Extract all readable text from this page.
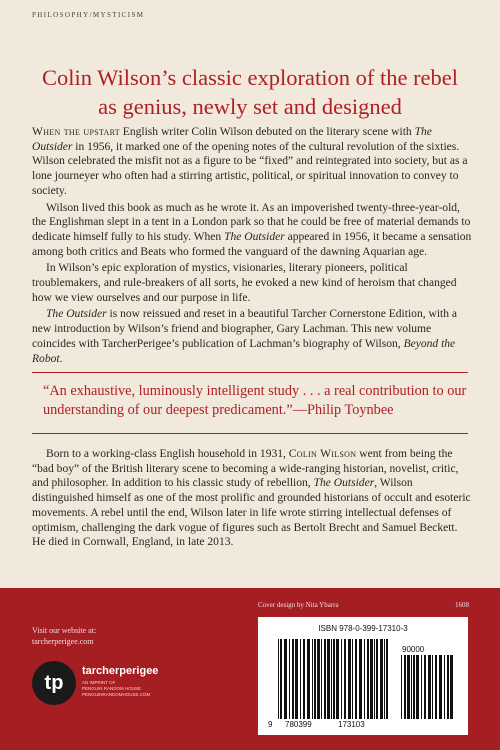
PHILOSOPHY/MYSTICISM
Colin Wilson’s classic exploration of the rebel
as genius, newly set and designed

When the upstart English writer Colin Wilson debuted on the literary scene with The Outsider in 1956, it marked one of the opening notes of the cultural revolution of the sixties. Wilson celebrated the misfit not as a figure to be “fixed” and reintegrated into society, but as a lone journeyer who often had a stirring artistic, political, or spiritual innovation to convey to society.

Wilson lived this book as much as he wrote it. As an impoverished twenty-three-year-old, the Englishman slept in a tent in a London park so that he could be free of material demands to dedicate himself fully to his study. When The Outsider appeared in 1956, it became a sensation among both critics and Beats who formed the vanguard of the dawning Aquarian age.

In Wilson’s epic exploration of mystics, visionaries, literary pioneers, political troublemakers, and rule-breakers of all sorts, he evoked a new kind of heroism that changed how we view ourselves and our purpose in life.

The Outsider is now reissued and reset in a beautiful Tarcher Cornerstone Edition, with a new introduction by Wilson’s friend and biographer, Gary Lachman. This new volume coincides with TarcherPerigee’s publication of Lachman’s biography of Wilson, Beyond the Robot.

“An exhaustive, luminously intelligent study . . . a real contribution to our understanding of our deepest predicament.”—Philip Toynbee

Born to a working-class English household in 1931, Colin Wilson went from being the “bad boy” of the British literary scene to becoming a wide-ranging historian, novelist, critic, and philosopher. In addition to his classic study of rebellion, The Outsider, Wilson distinguished himself as one of the most prolific and grounded historians of occult and esoteric movements. A rebel until the end, Wilson later in life wrote stirring intellectual defenses of optimism, challenging the dark vogue of figures such as Bertolt Brecht and Samuel Beckett. He died in Cornwall, England, in late 2013.

Visit our website at:
tarcherperigee.com
tp
tarcherperigee
AN IMPRINT OF
PENGUIN RANDOM HOUSE
PENGUINRANDOMHOUSE.COM
Cover design by Nita Ybarra	1608
ISBN 978-0-399-17310-3
90000
9 780399	173103
